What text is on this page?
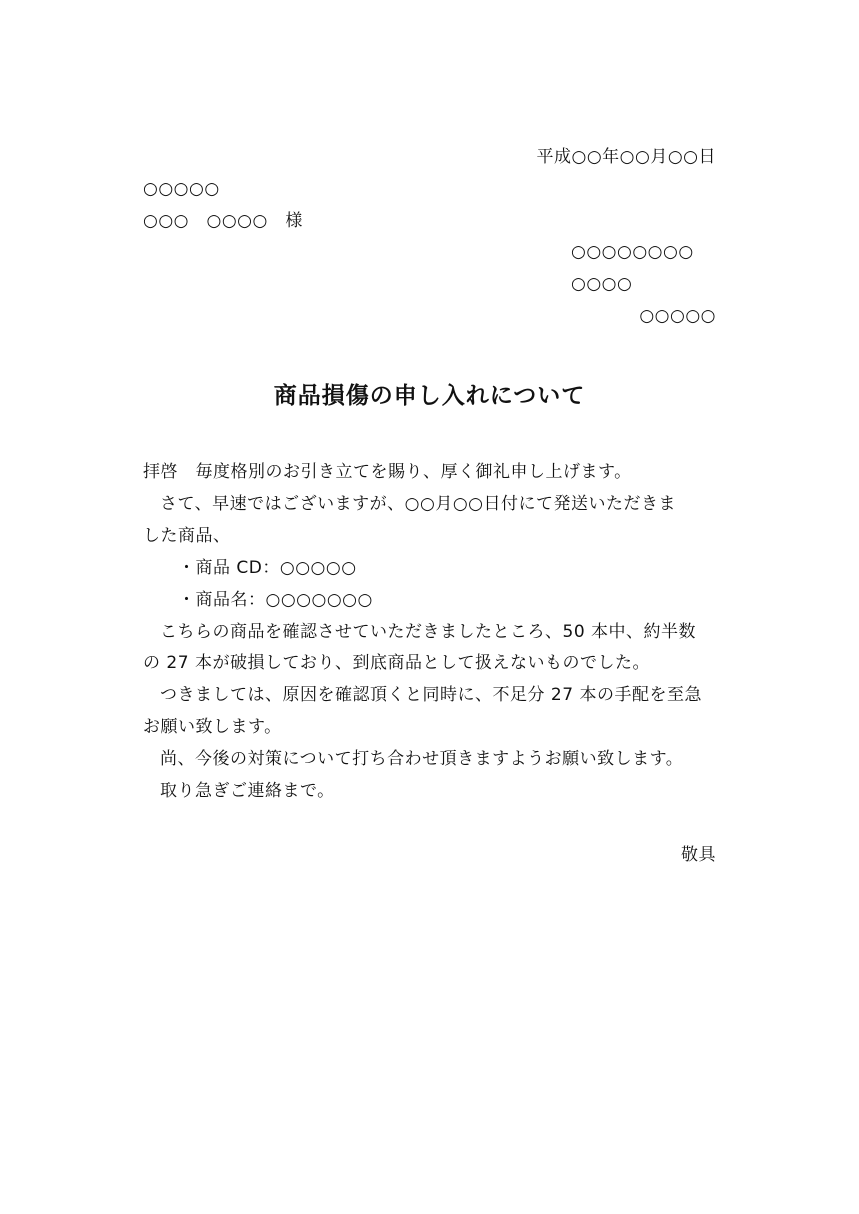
平成○○年○○月○○日
○○○○○
○○○　○○○○　様
○○○○○○○○
○○○○
○○○○○
商品損傷の申し入れについて
拝啓　毎度格別のお引き立てを賜り、厚く御礼申し上げます。
さて、早速ではございますが、○○月○○日付にて発送いただきま
した商品、
・商品 CD：○○○○○
・商品名：○○○○○○○
こちらの商品を確認させていただきましたところ、50 本中、約半数
の 27 本が破損しており、到底商品として扱えないものでした。
つきましては、原因を確認頂くと同時に、不足分 27 本の手配を至急
お願い致します。
尚、今後の対策について打ち合わせ頂きますようお願い致します。
取り急ぎご連絡まで。
敬具
